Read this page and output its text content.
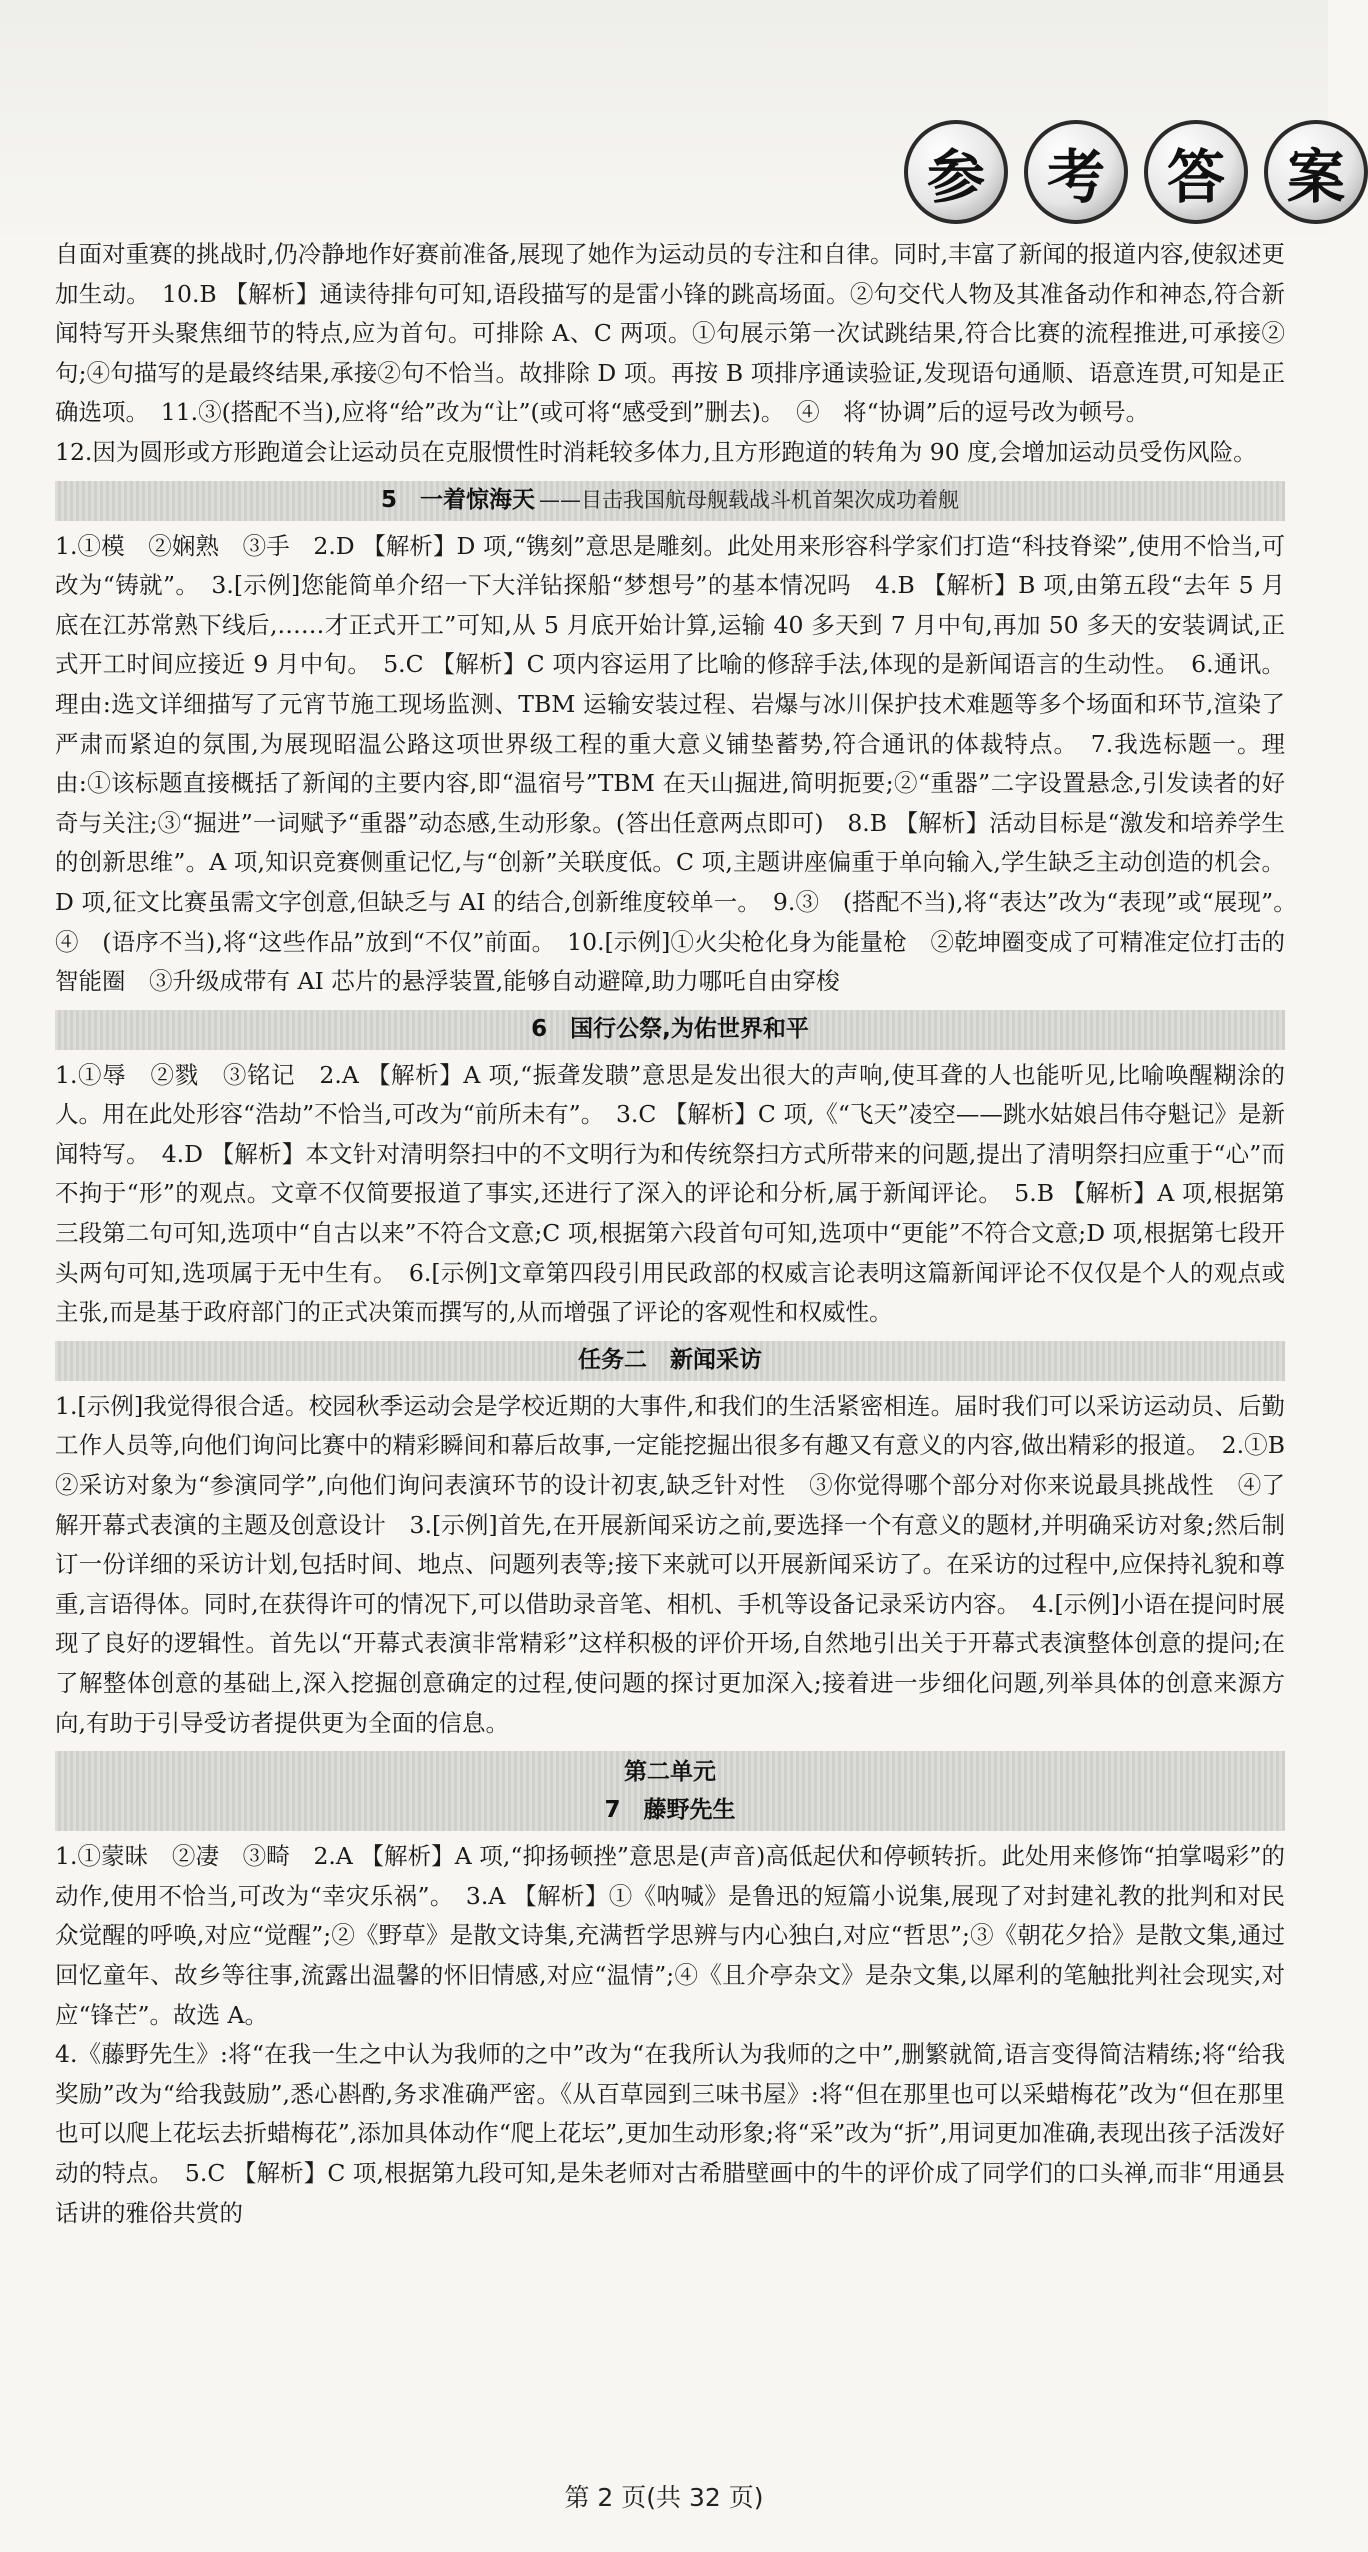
参	考	答	案

自面对重赛的挑战时,仍冷静地作好赛前准备,展现了她作为运动员的专注和自律。同时,丰富了新闻的报道内容,使叙述更加生动。　10.B 【解析】通读待排句可知,语段描写的是雷小锋的跳高场面。②句交代人物及其准备动作和神态,符合新闻特写开头聚焦细节的特点,应为首句。可排除 A、C 两项。①句展示第一次试跳结果,符合比赛的流程推进,可承接②句;④句描写的是最终结果,承接②句不恰当。故排除 D 项。再按 B 项排序通读验证,发现语句通顺、语意连贯,可知是正确选项。　11.③(搭配不当),应将“给”改为“让”(或可将“感受到”删去)。　④　将“协调”后的逗号改为顿号。

12.因为圆形或方形跑道会让运动员在克服惯性时消耗较多体力,且方形跑道的转角为 90 度,会增加运动员受伤风险。

5　一着惊海天 ——目击我国航母舰载战斗机首架次成功着舰

1.①模　②娴熟　③手　2.D 【解析】D 项,“镌刻”意思是雕刻。此处用来形容科学家们打造“科技脊梁”,使用不恰当,可改为“铸就”。　3.[示例]您能简单介绍一下大洋钻探船“梦想号”的基本情况吗　4.B 【解析】B 项,由第五段“去年 5 月底在江苏常熟下线后,……才正式开工”可知,从 5 月底开始计算,运输 40 多天到 7 月中旬,再加 50 多天的安装调试,正式开工时间应接近 9 月中旬。　5.C 【解析】C 项内容运用了比喻的修辞手法,体现的是新闻语言的生动性。　6.通讯。理由:选文详细描写了元宵节施工现场监测、TBM 运输安装过程、岩爆与冰川保护技术难题等多个场面和环节,渲染了严肃而紧迫的氛围,为展现昭温公路这项世界级工程的重大意义铺垫蓄势,符合通讯的体裁特点。　7.我选标题一。理由:①该标题直接概括了新闻的主要内容,即“温宿号”TBM 在天山掘进,简明扼要;②“重器”二字设置悬念,引发读者的好奇与关注;③“掘进”一词赋予“重器”动态感,生动形象。(答出任意两点即可)　8.B 【解析】活动目标是“激发和培养学生的创新思维”。A 项,知识竞赛侧重记忆,与“创新”关联度低。C 项,主题讲座偏重于单向输入,学生缺乏主动创造的机会。D 项,征文比赛虽需文字创意,但缺乏与 AI 的结合,创新维度较单一。　9.③　(搭配不当),将“表达”改为“表现”或“展现”。　④　(语序不当),将“这些作品”放到“不仅”前面。　10.[示例]①火尖枪化身为能量枪　②乾坤圈变成了可精准定位打击的智能圈　③升级成带有 AI 芯片的悬浮装置,能够自动避障,助力哪吒自由穿梭

6　国行公祭,为佑世界和平

1.①辱　②戮　③铭记　2.A 【解析】A 项,“振聋发聩”意思是发出很大的声响,使耳聋的人也能听见,比喻唤醒糊涂的人。用在此处形容“浩劫”不恰当,可改为“前所未有”。　3.C 【解析】C 项,《“飞天”凌空——跳水姑娘吕伟夺魁记》是新闻特写。　4.D 【解析】本文针对清明祭扫中的不文明行为和传统祭扫方式所带来的问题,提出了清明祭扫应重于“心”而不拘于“形”的观点。文章不仅简要报道了事实,还进行了深入的评论和分析,属于新闻评论。　5.B 【解析】A 项,根据第三段第二句可知,选项中“自古以来”不符合文意;C 项,根据第六段首句可知,选项中“更能”不符合文意;D 项,根据第七段开头两句可知,选项属于无中生有。　6.[示例]文章第四段引用民政部的权威言论表明这篇新闻评论不仅仅是个人的观点或主张,而是基于政府部门的正式决策而撰写的,从而增强了评论的客观性和权威性。

任务二　新闻采访

1.[示例]我觉得很合适。校园秋季运动会是学校近期的大事件,和我们的生活紧密相连。届时我们可以采访运动员、后勤工作人员等,向他们询问比赛中的精彩瞬间和幕后故事,一定能挖掘出很多有趣又有意义的内容,做出精彩的报道。　2.①B　②采访对象为“参演同学”,向他们询问表演环节的设计初衷,缺乏针对性　③你觉得哪个部分对你来说最具挑战性　④了解开幕式表演的主题及创意设计　3.[示例]首先,在开展新闻采访之前,要选择一个有意义的题材,并明确采访对象;然后制订一份详细的采访计划,包括时间、地点、问题列表等;接下来就可以开展新闻采访了。在采访的过程中,应保持礼貌和尊重,言语得体。同时,在获得许可的情况下,可以借助录音笔、相机、手机等设备记录采访内容。　4.[示例]小语在提问时展现了良好的逻辑性。首先以“开幕式表演非常精彩”这样积极的评价开场,自然地引出关于开幕式表演整体创意的提问;在了解整体创意的基础上,深入挖掘创意确定的过程,使问题的探讨更加深入;接着进一步细化问题,列举具体的创意来源方向,有助于引导受访者提供更为全面的信息。

第二单元
7　藤野先生

1.①蒙昧　②凄　③畸　2.A 【解析】A 项,“抑扬顿挫”意思是(声音)高低起伏和停顿转折。此处用来修饰“拍掌喝彩”的动作,使用不恰当,可改为“幸灾乐祸”。　3.A 【解析】①《呐喊》是鲁迅的短篇小说集,展现了对封建礼教的批判和对民众觉醒的呼唤,对应“觉醒”;②《野草》是散文诗集,充满哲学思辨与内心独白,对应“哲思”;③《朝花夕拾》是散文集,通过回忆童年、故乡等往事,流露出温馨的怀旧情感,对应“温情”;④《且介亭杂文》是杂文集,以犀利的笔触批判社会现实,对应“锋芒”。故选 A。

4.《藤野先生》:将“在我一生之中认为我师的之中”改为“在我所认为我师的之中”,删繁就简,语言变得简洁精练;将“给我奖励”改为“给我鼓励”,悉心斟酌,务求准确严密。《从百草园到三味书屋》:将“但在那里也可以采蜡梅花”改为“但在那里也可以爬上花坛去折蜡梅花”,添加具体动作“爬上花坛”,更加生动形象;将“采”改为“折”,用词更加准确,表现出孩子活泼好动的特点。　5.C 【解析】C 项,根据第九段可知,是朱老师对古希腊壁画中的牛的评价成了同学们的口头禅,而非“用通县话讲的雅俗共赏的

第 2 页(共 32 页)
